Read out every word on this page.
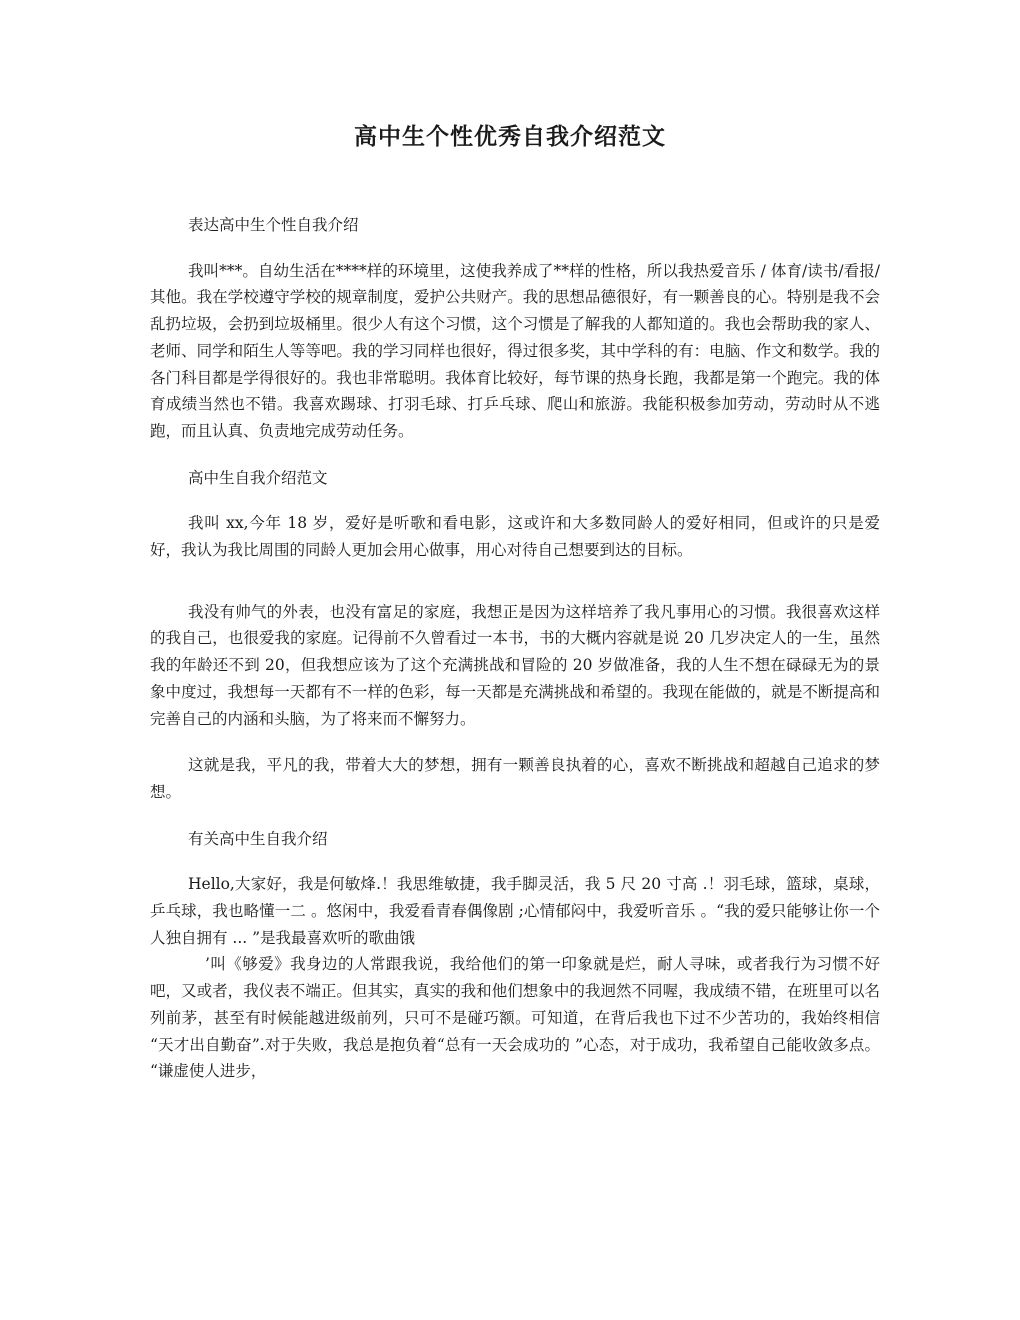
高中生个性优秀自我介绍范文

表达高中生个性自我介绍

我叫***。自幼生活在****样的环境里，这使我养成了**样的性格，所以我热爱音乐 / 体育/读书/看报/其他。我在学校遵守学校的规章制度，爱护公共财产。我的思想品德很好，有一颗善良的心。特别是我不会乱扔垃圾，会扔到垃圾桶里。很少人有这个习惯，这个习惯是了解我的人都知道的。我也会帮助我的家人、老师、同学和陌生人等等吧。我的学习同样也很好，得过很多奖，其中学科的有：电脑、作文和数学。我的各门科目都是学得很好的。我也非常聪明。我体育比较好，每节课的热身长跑，我都是第一个跑完。我的体育成绩当然也不错。我喜欢踢球、打羽毛球、打乒乓球、爬山和旅游。我能积极参加劳动，劳动时从不逃跑，而且认真、负责地完成劳动任务。

高中生自我介绍范文

我叫 xx,今年 18 岁，爱好是听歌和看电影，这或许和大多数同龄人的爱好相同，但或许的只是爱好，我认为我比周围的同龄人更加会用心做事，用心对待自己想要到达的目标。

我没有帅气的外表，也没有富足的家庭，我想正是因为这样培养了我凡事用心的习惯。我很喜欢这样的我自己，也很爱我的家庭。记得前不久曾看过一本书，书的大概内容就是说 20 几岁决定人的一生，虽然我的年龄还不到 20，但我想应该为了这个充满挑战和冒险的 20 岁做准备，我的人生不想在碌碌无为的景象中度过，我想每一天都有不一样的色彩，每一天都是充满挑战和希望的。我现在能做的，就是不断提高和完善自己的内涵和头脑，为了将来而不懈努力。

这就是我，平凡的我，带着大大的梦想，拥有一颗善良执着的心，喜欢不断挑战和超越自己追求的梦想。

有关高中生自我介绍

Hello,大家好，我是何敏烽.！我思维敏捷，我手脚灵活，我 5 尺 20 寸高 .！羽毛球，篮球，桌球，乒乓球，我也略懂一二 。悠闲中，我爱看青春偶像剧 ;心情郁闷中，我爱听音乐 。“我的爱只能够让你一个人独自拥有 ... ”是我最喜欢听的歌曲饿

’叫《够爱》我身边的人常跟我说，我给他们的第一印象就是烂，耐人寻味，或者我行为习惯不好吧，又或者，我仪表不端正。但其实，真实的我和他们想象中的我迥然不同喔，我成绩不错，在班里可以名列前茅，甚至有时候能越进级前列，只可不是碰巧额。可知道，在背后我也下过不少苦功的，我始终相信 “天才出自勤奋”.对于失败，我总是抱负着“总有一天会成功的 ”心态，对于成功，我希望自己能收敛多点。 “谦虚使人进步，
